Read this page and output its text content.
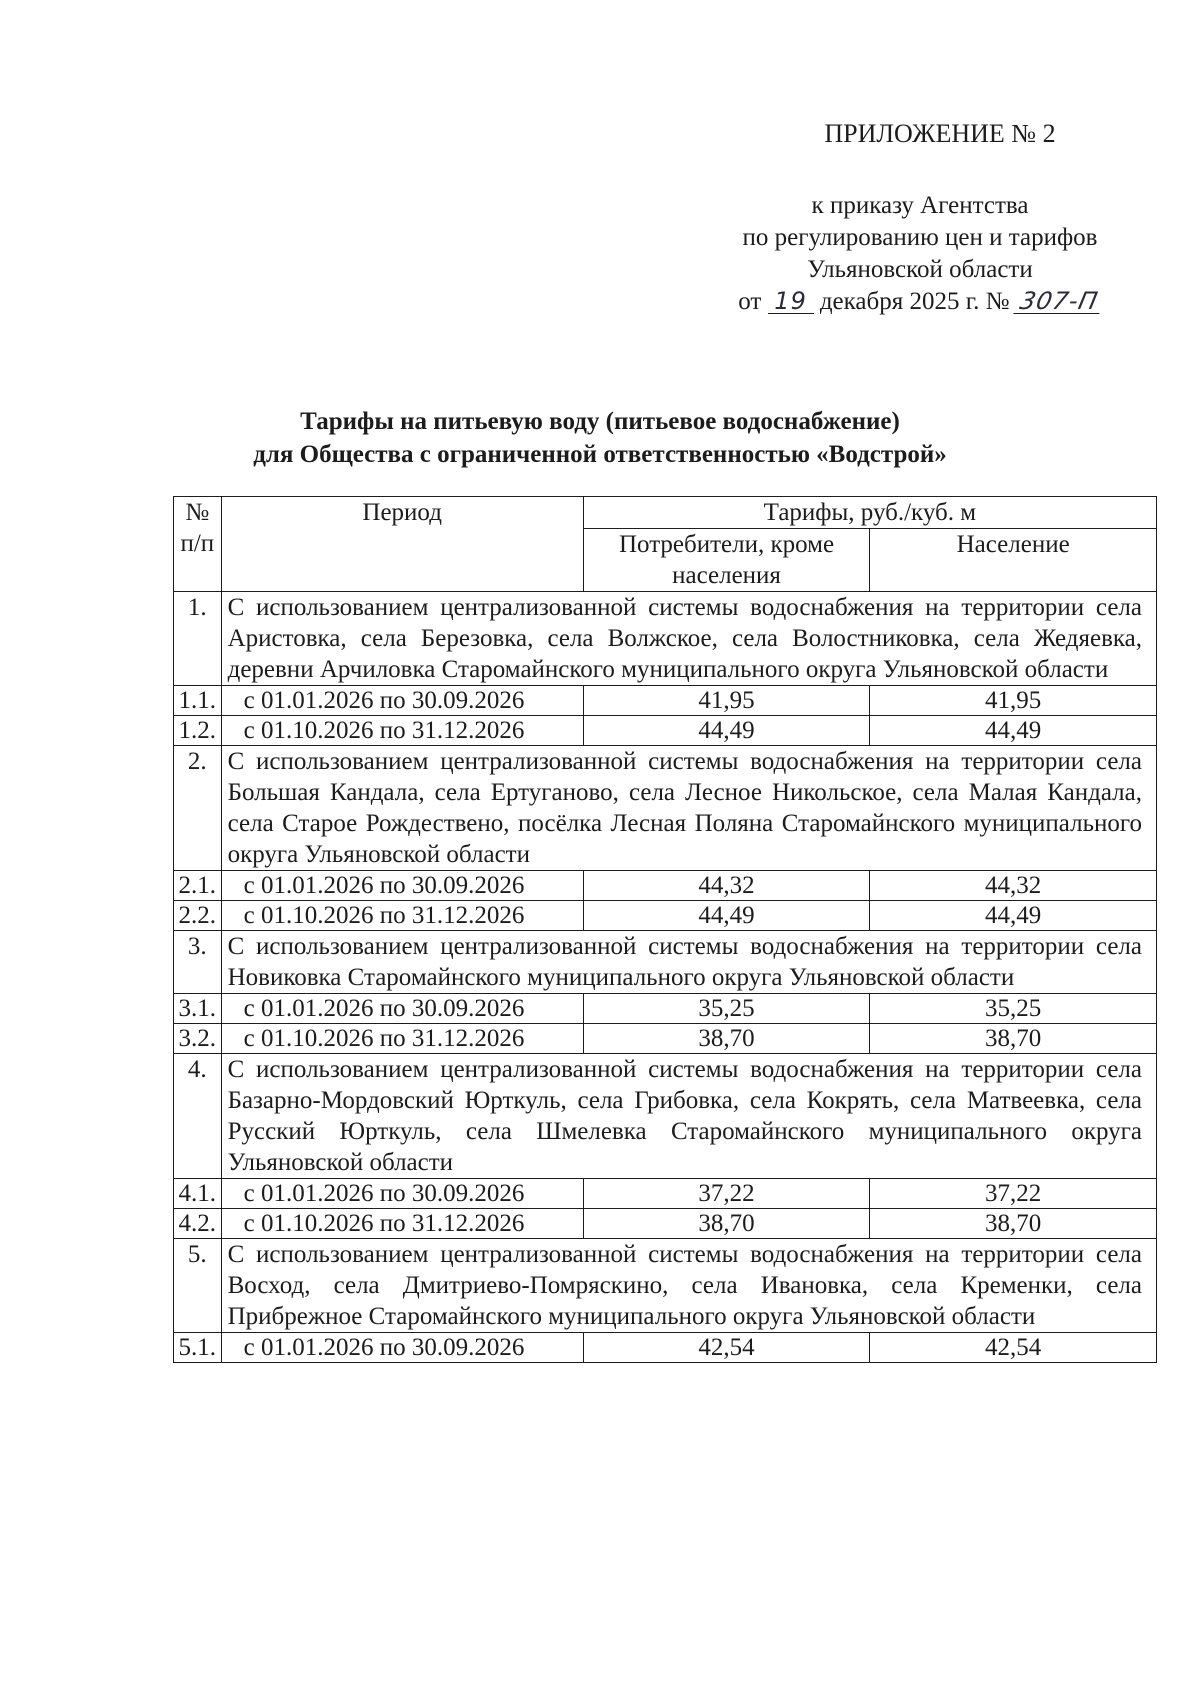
ПРИЛОЖЕНИЕ № 2
к приказу Агентства
по регулированию цен и тарифов
Ульяновской области
от 19 декабря 2025 г. № 307-П
Тарифы на питьевую воду (питьевое водоснабжение)
для Общества с ограниченной ответственностью «Водстрой»
№ п/п	Период	Тарифы, руб./куб. м	
		Потребители, кроме населения	Население
1.	С использованием централизованной системы водоснабжения на территории села Аристовка, села Березовка, села Волжское, села Волостниковка, села Жедяевка, деревни Арчиловка Старомайнского муниципального округа Ульяновской области		
1.1.	с 01.01.2026 по 30.09.2026	41,95	41,95
1.2.	с 01.10.2026 по 31.12.2026	44,49	44,49
2.	С использованием централизованной системы водоснабжения на территории села Большая Кандала, села Ертуганово, села Лесное Никольское, села Малая Кандала, села Старое Рождествено, посёлка Лесная Поляна Старомайнского муниципального округа Ульяновской области		
2.1.	с 01.01.2026 по 30.09.2026	44,32	44,32
2.2.	с 01.10.2026 по 31.12.2026	44,49	44,49
3.	С использованием централизованной системы водоснабжения на территории села Новиковка Старомайнского муниципального округа Ульяновской области		
3.1.	с 01.01.2026 по 30.09.2026	35,25	35,25
3.2.	с 01.10.2026 по 31.12.2026	38,70	38,70
4.	С использованием централизованной системы водоснабжения на территории села Базарно-Мордовский Юрткуль, села Грибовка, села Кокрять, села Матвеевка, села Русский Юрткуль, села Шмелевка Старомайнского муниципального округа Ульяновской области		
4.1.	с 01.01.2026 по 30.09.2026	37,22	37,22
4.2.	с 01.10.2026 по 31.12.2026	38,70	38,70
5.	С использованием централизованной системы водоснабжения на территории села Восход, села Дмитриево-Помряскино, села Ивановка, села Кременки, села Прибрежное Старомайнского муниципального округа Ульяновской области		
5.1.	с 01.01.2026 по 30.09.2026	42,54	42,54
